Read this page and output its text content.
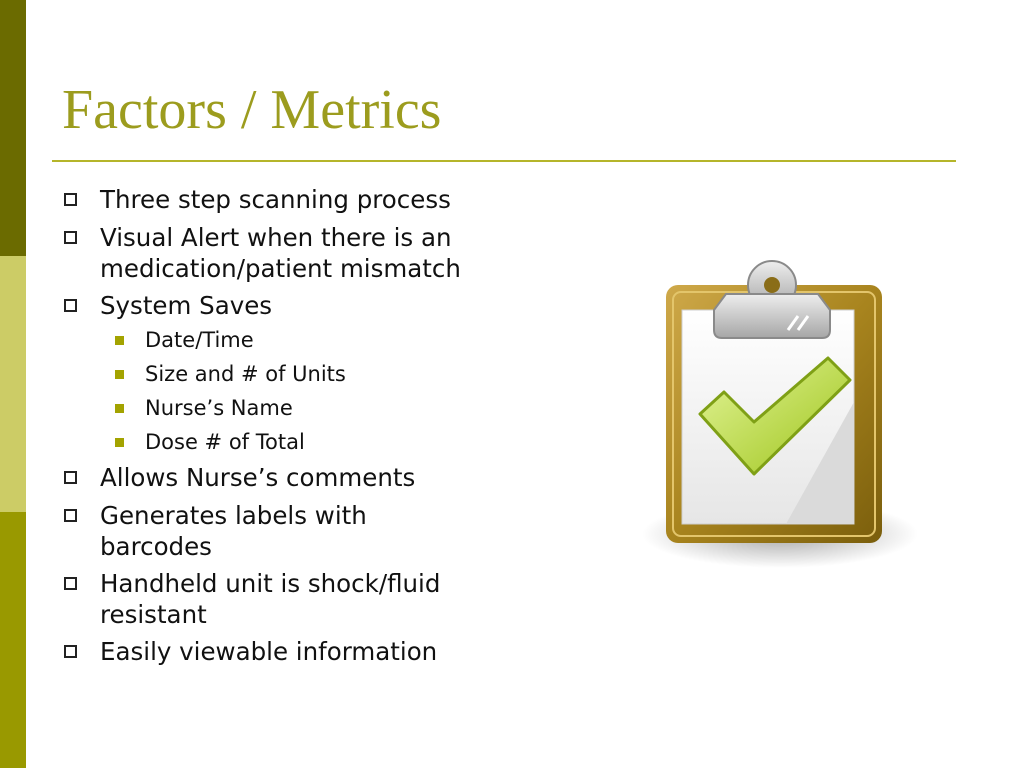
Factors / Metrics
Three step scanning process
Visual Alert when there is an medication/patient mismatch
System Saves
Date/Time
Size and # of Units
Nurse’s Name
Dose # of Total
Allows Nurse’s comments
Generates labels with barcodes
Handheld unit is shock/fluid resistant
Easily viewable information
